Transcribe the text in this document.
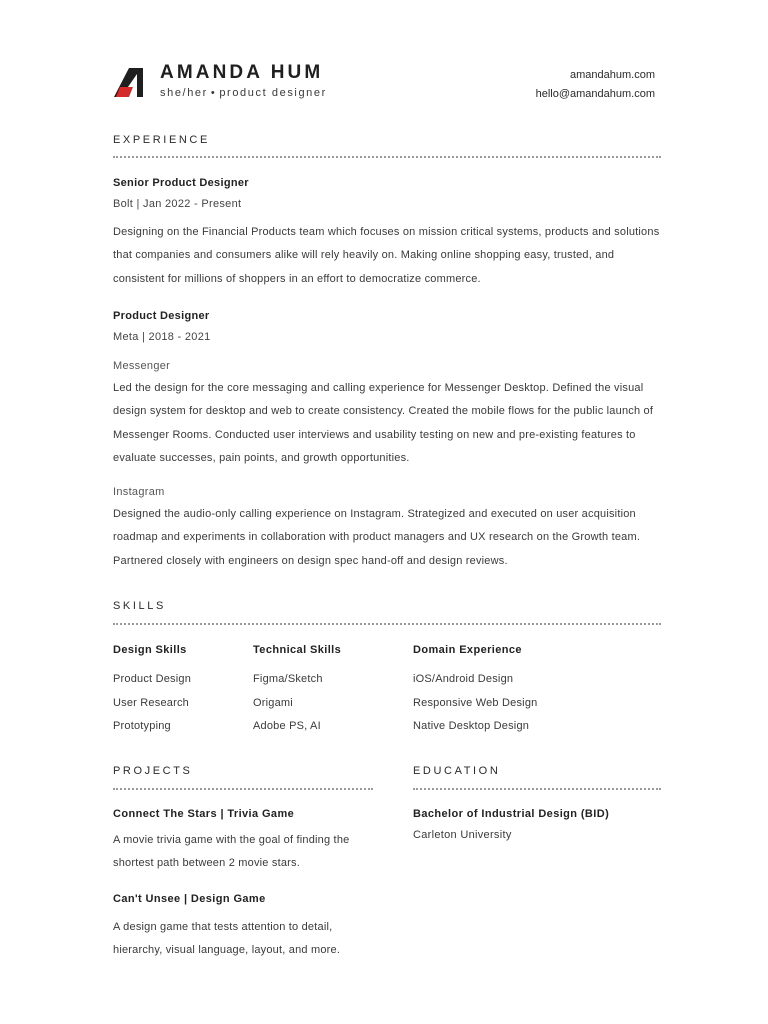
AMANDA HUM
she/her • product designer
amandahum.com
hello@amandahum.com
EXPERIENCE
Senior Product Designer
Bolt | Jan 2022 - Present

Designing on the Financial Products team which focuses on mission critical systems, products and solutions that companies and consumers alike will rely heavily on. Making online shopping easy, trusted, and consistent for millions of shoppers in an effort to democratize commerce.

Product Designer
Meta | 2018 - 2021
Messenger

Led the design for the core messaging and calling experience for Messenger Desktop. Defined the visual design system for desktop and web to create consistency. Created the mobile flows for the public launch of Messenger Rooms. Conducted user interviews and usability testing on new and pre-existing features to evaluate successes, pain points, and growth opportunities.

Instagram

Designed the audio-only calling experience on Instagram. Strategized and executed on user acquisition roadmap and experiments in collaboration with product managers and UX research on the Growth team. Partnered closely with engineers on design spec hand-off and design reviews.

SKILLS
Design Skills
Product Design
User Research
Prototyping
Technical Skills
Figma/Sketch
Origami
Adobe PS, AI
Domain Experience
iOS/Android Design
Responsive Web Design
Native Desktop Design
PROJECTS
Connect The Stars | Trivia Game

A movie trivia game with the goal of finding the shortest path between 2 movie stars.

Can't Unsee | Design Game

A design game that tests attention to detail, hierarchy, visual language, layout, and more.

EDUCATION
Bachelor of Industrial Design (BID)
Carleton University
